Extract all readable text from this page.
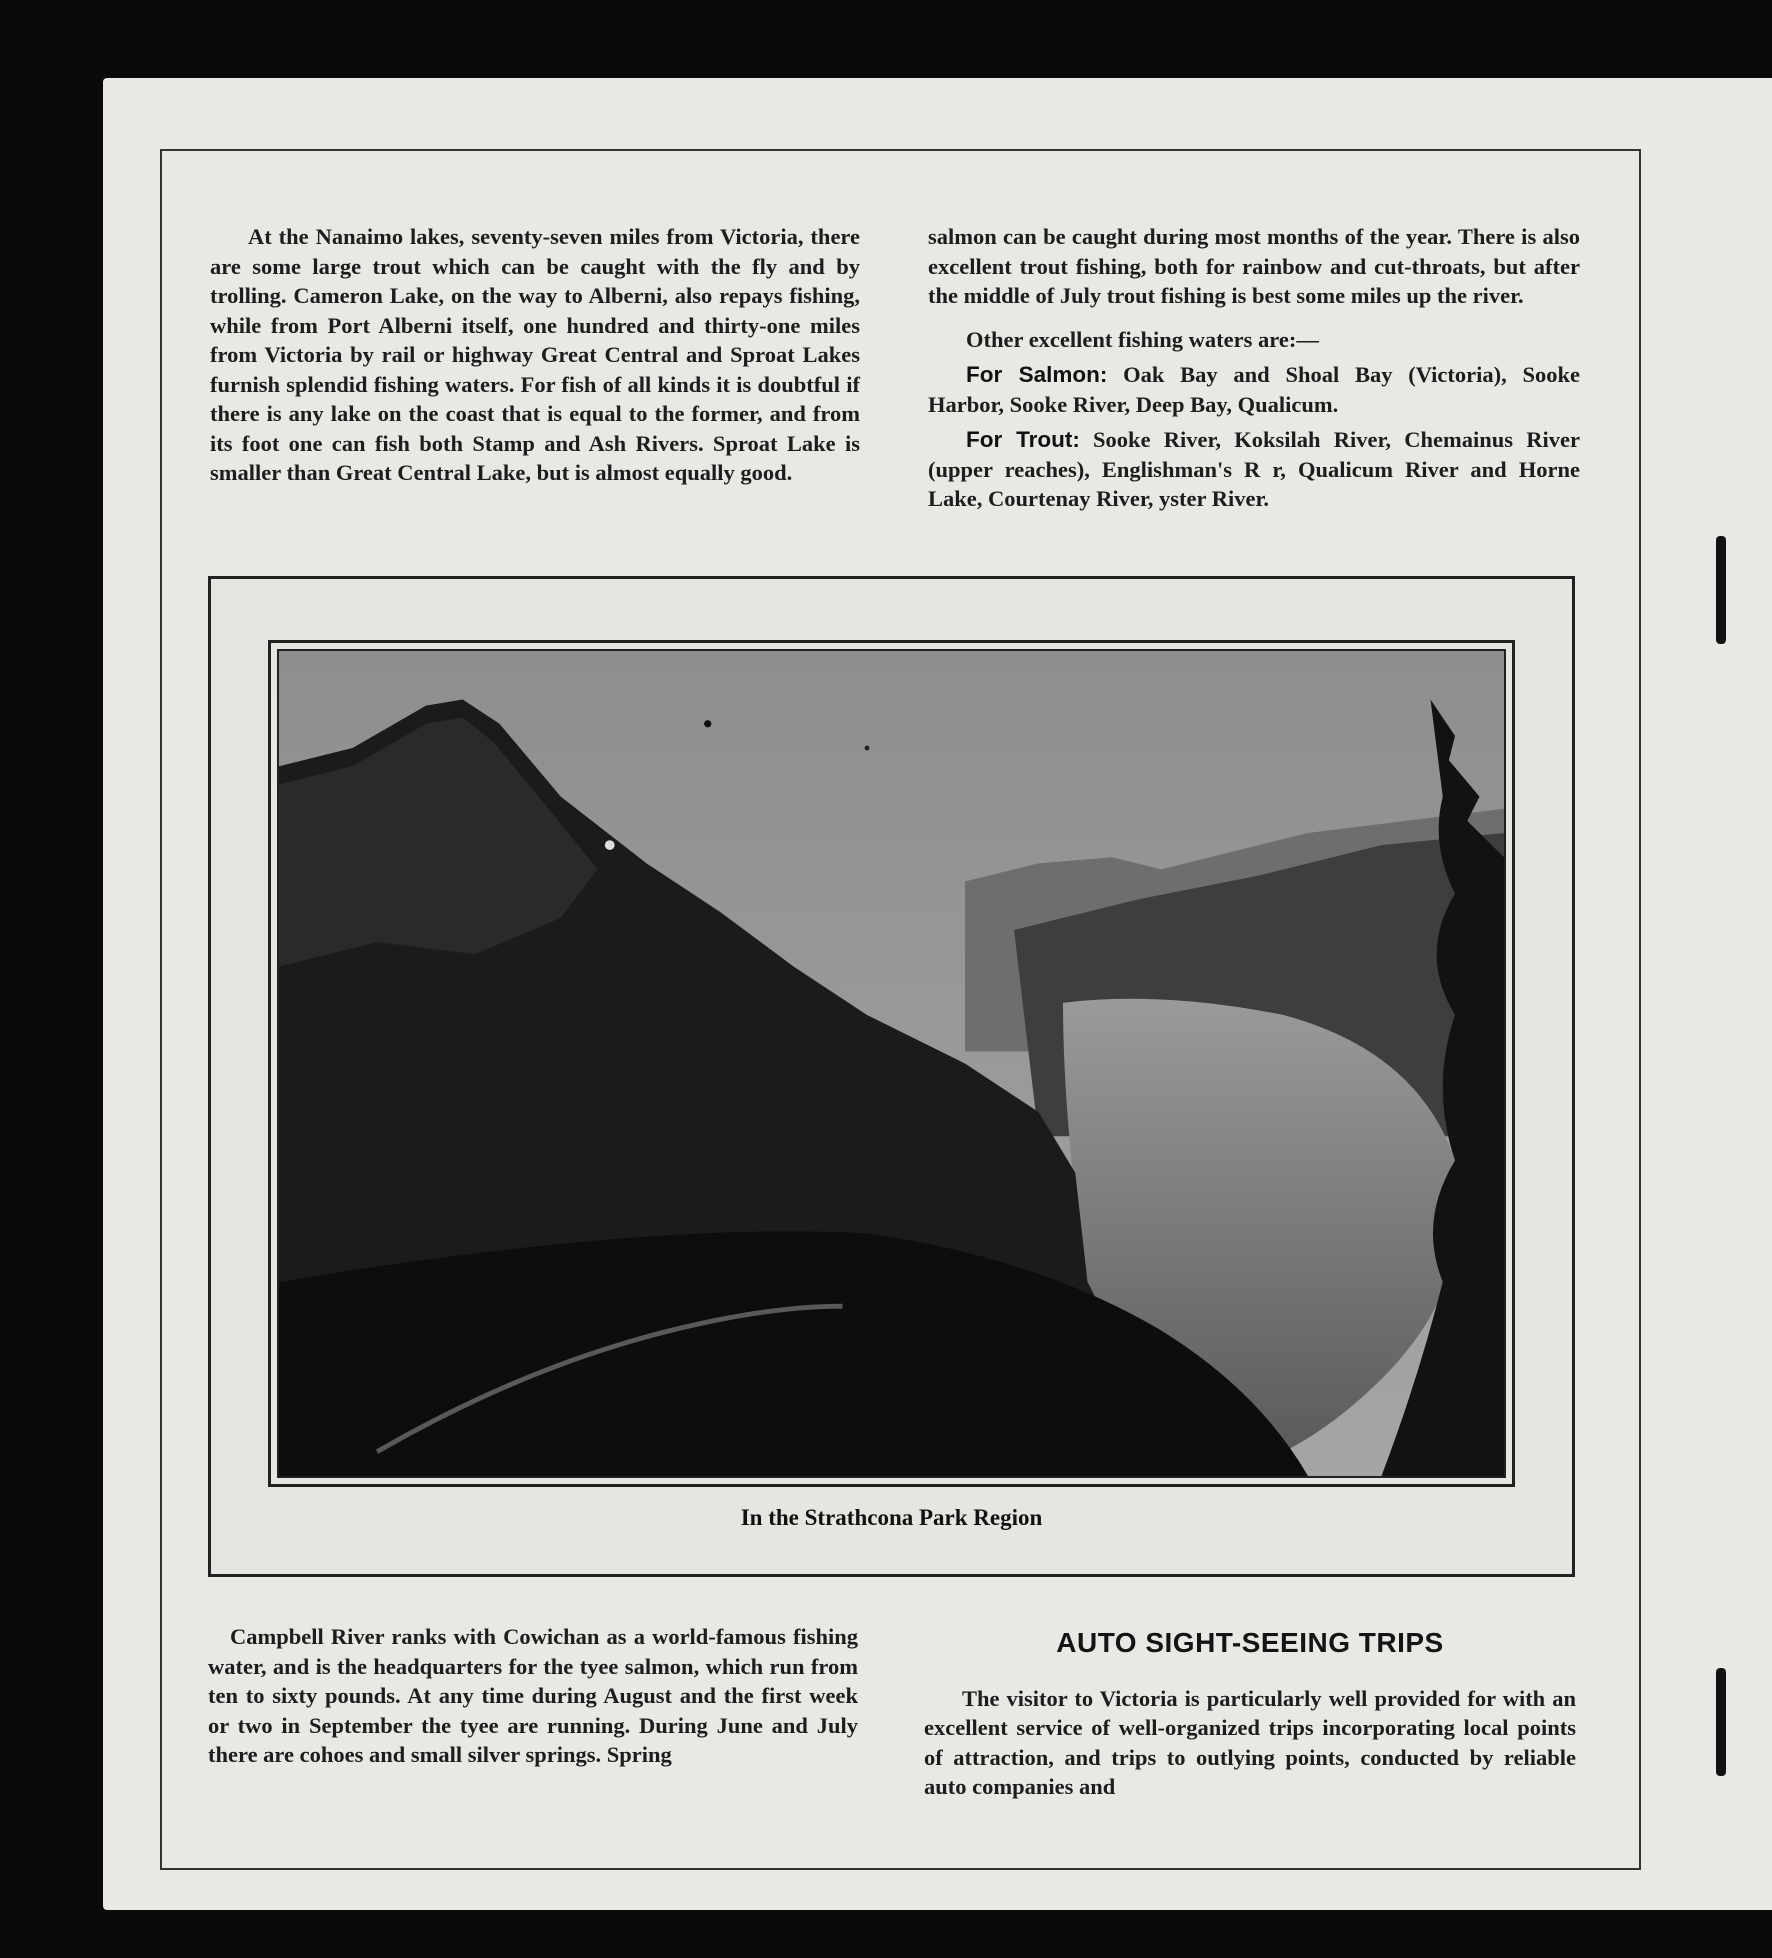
At the Nanaimo lakes, seventy-seven miles from Victoria, there are some large trout which can be caught with the fly and by trolling. Cameron Lake, on the way to Alberni, also repays fishing, while from Port Alberni itself, one hundred and thirty-one miles from Victoria by rail or highway Great Central and Sproat Lakes furnish splendid fishing waters. For fish of all kinds it is doubtful if there is any lake on the coast that is equal to the former, and from its foot one can fish both Stamp and Ash Rivers. Sproat Lake is smaller than Great Central Lake, but is almost equally good.

salmon can be caught during most months of the year. There is also excellent trout fishing, both for rainbow and cut-throats, but after the middle of July trout fishing is best some miles up the river.

Other excellent fishing waters are:—

For Salmon: Oak Bay and Shoal Bay (Victoria), Sooke Harbor, Sooke River, Deep Bay, Qualicum.

For Trout: Sooke River, Koksilah River, Chemainus River (upper reaches), Englishman's R r, Qualicum River and Horne Lake, Courtenay River, yster River.

In the Strathcona Park Region

Campbell River ranks with Cowichan as a world-famous fishing water, and is the headquarters for the tyee salmon, which run from ten to sixty pounds. At any time during August and the first week or two in September the tyee are running. During June and July there are cohoes and small silver springs. Spring

AUTO SIGHT-SEEING TRIPS

The visitor to Victoria is particularly well provided for with an excellent service of well-organized trips incorporating local points of attraction, and trips to outlying points, conducted by reliable auto companies and
